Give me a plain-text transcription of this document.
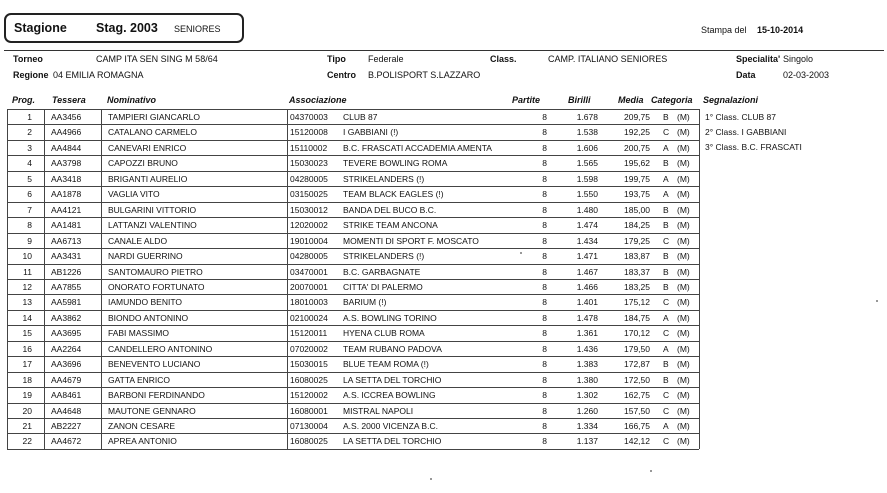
Stagione Stag. 2003 SENIORES	Stampa del 15-10-2014
Torneo	CAMP ITA SEN SING M 58/64	Tipo Federale	Class.	CAMP. ITALIANO SENIORES	Specialita' Singolo
Regione 04 EMILIA ROMAGNA	Centro B.POLISPORT S.LAZZARO	Data	02-03-2003
Prog. Tessera Nominativo	Associazione	Partite	Birilli	Media Categoria Segnalazioni
1 AA3456	TAMPIERI GIANCARLO	04370003 CLUB 87	8	1.678	209,75 B (M)
2 AA4966	CATALANO CARMELO	15120008 I GABBIANI (!)	8	1.538	192,25 C (M)
3 AA4844	CANEVARI ENRICO	15110002 B.C. FRASCATI ACCADEMIA AMENTA	8	1.606	200,75 A (M)
4 AA3798	CAPOZZI BRUNO	15030023 TEVERE BOWLING ROMA	8	1.565	195,62 B (M)
5 AA3418	BRIGANTI AURELIO	04280005 STRIKELANDERS (!)	8	1.598	199,75 A (M)
6 AA1878	VAGLIA VITO	03150025 TEAM BLACK EAGLES (!)	8	1.550	193,75 A (M)
7 AA4121	BULGARINI VITTORIO	15030012 BANDA DEL BUCO B.C.	8	1.480	185,00 B (M)
8 AA1481	LATTANZI VALENTINO	12020002 STRIKE TEAM ANCONA	8	1.474	184,25 B (M)
9 AA6713	CANALE ALDO	19010004 MOMENTI DI SPORT F. MOSCATO	8	1.434	179,25 C (M)
10 AA3431	NARDI GUERRINO	04280005 STRIKELANDERS (!)	8	1.471	183,87 B (M)
11 AB1226	SANTOMAURO PIETRO	03470001 B.C. GARBAGNATE	8	1.467	183,37 B (M)
12 AA7855	ONORATO FORTUNATO	20070001 CITTA' DI PALERMO	8	1.466	183,25 B (M)
13 AA5981	IAMUNDO BENITO	18010003 BARIUM (!)	8	1.401	175,12 C (M)
14 AA3862	BIONDO ANTONINO	02100024 A.S. BOWLING TORINO	8	1.478	184,75 A (M)
15 AA3695	FABI MASSIMO	15120011 HYENA CLUB ROMA	8	1.361	170,12 C (M)
16 AA2264	CANDELLERO ANTONINO	07020002 TEAM RUBANO PADOVA	8	1.436	179,50 A (M)
17 AA3696	BENEVENTO LUCIANO	15030015 BLUE TEAM ROMA (!)	8	1.383	172,87 B (M)
18 AA4679	GATTA ENRICO	16080025 LA SETTA DEL TORCHIO	8	1.380	172,50 B (M)
19 AA8461	BARBONI FERDINANDO	15120002 A.S. ICCREA BOWLING	8	1.302	162,75 C (M)
20 AA4648	MAUTONE GENNARO	16080001 MISTRAL NAPOLI	8	1.260	157,50 C (M)
21 AB2227	ZANON CESARE	07130004 A.S. 2000 VICENZA B.C.	8	1.334	166,75 A (M)
22 AA4672	APREA ANTONIO	16080025 LA SETTA DEL TORCHIO	8	1.137	142,12 C (M)
1° Class. CLUB 87
2° Class. I GABBIANI
3° Class. B.C. FRASCATI
